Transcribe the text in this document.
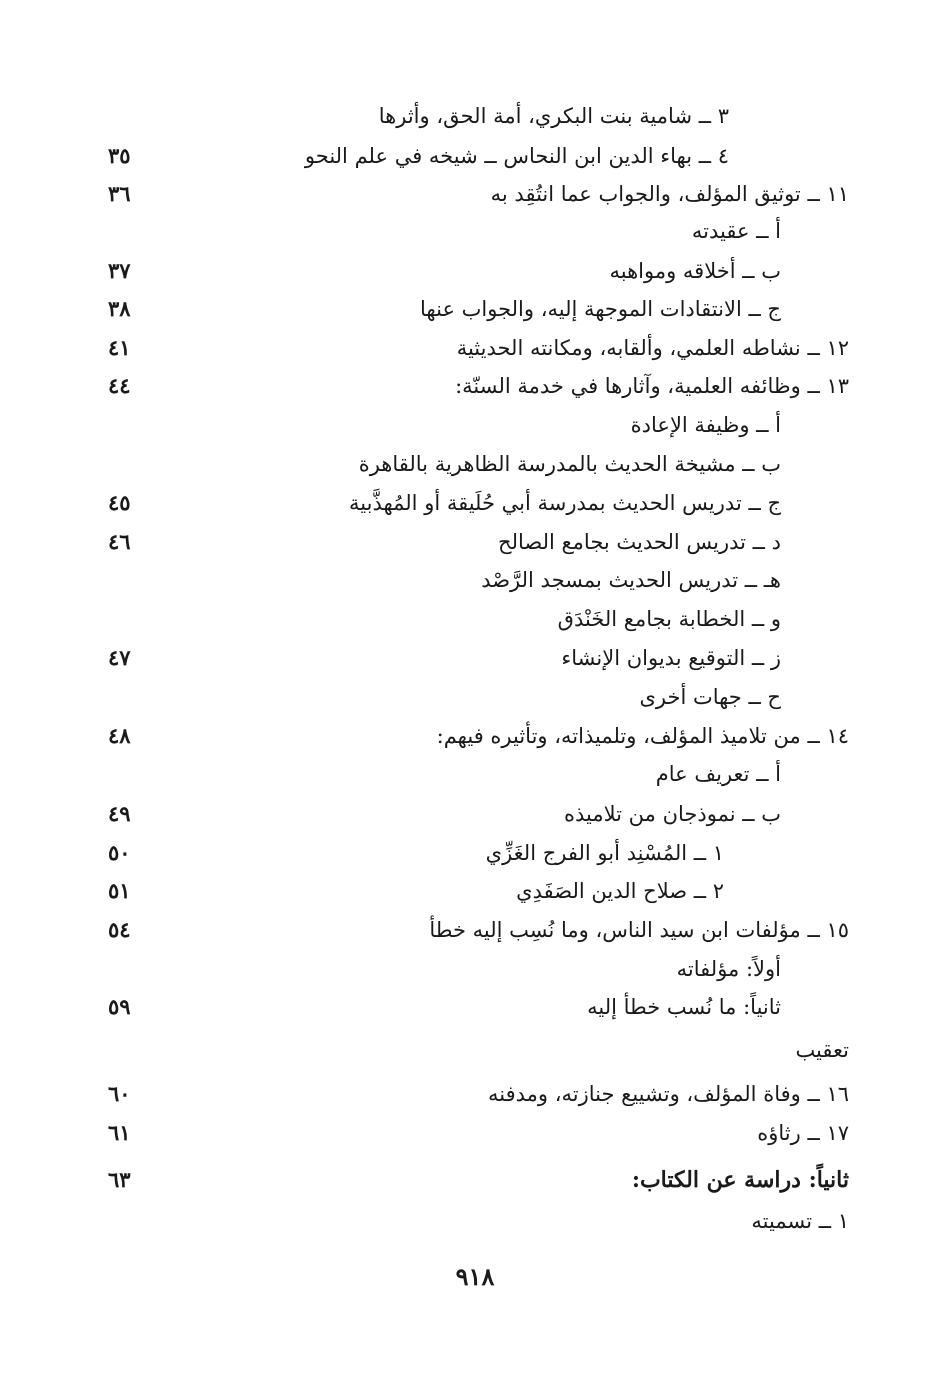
٣ ــ شامية بنت البكري، أمة الحق، وأثرها
٤ ــ بهاء الدين ابن النحاس ــ شيخه في علم النحو
٣٥
١١ ــ توثيق المؤلف، والجواب عما انتُقِد به
٣٦
أ ــ عقيدته
ب ــ أخلاقه ومواهبه
٣٧
ج ــ الانتقادات الموجهة إليه، والجواب عنها
٣٨
١٢ ــ نشاطه العلمي، وألقابه، ومكانته الحديثية
٤١
١٣ ــ وظائفه العلمية، وآثارها في خدمة السنّة:
٤٤
أ ــ وظيفة الإعادة
ب ــ مشيخة الحديث بالمدرسة الظاهرية بالقاهرة
ج ــ تدريس الحديث بمدرسة أبي حُلَيقة أو المُهذَّبية
٤٥
د ــ تدريس الحديث بجامع الصالح
٤٦
هـ ــ تدريس الحديث بمسجد الرَّصْد
و ــ الخطابة بجامع الخَنْدَق
ز ــ التوقيع بديوان الإنشاء
٤٧
ح ــ جهات أخرى
١٤ ــ من تلاميذ المؤلف، وتلميذاته، وتأثيره فيهم:
٤٨
أ ــ تعريف عام
ب ــ نموذجان من تلاميذه
٤٩
١ ــ المُسْنِد أبو الفرج الغَزِّي
٥٠
٢ ــ صلاح الدين الصَفَدِي
٥١
١٥ ــ مؤلفات ابن سيد الناس، وما نُسِب إليه خطأ
٥٤
أولاً: مؤلفاته
ثانياً: ما نُسب خطأ إليه
٥٩
تعقيب
١٦ ــ وفاة المؤلف، وتشييع جنازته، ومدفنه
٦٠
١٧ ــ رثاؤه
٦١
ثانياً: دراسة عن الكتاب:
٦٣
١ ــ تسميته
٩١٨
